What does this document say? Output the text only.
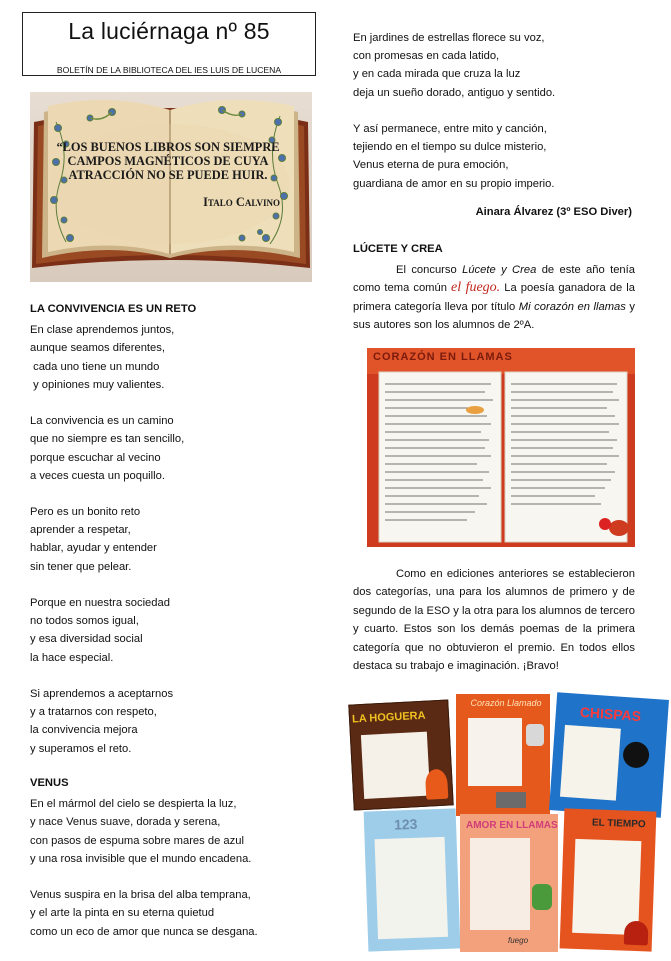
La luciérnaga nº 85
BOLETÍN DE LA BIBLIOTECA DEL IES LUIS DE LUCENA
“LOS BUENOS LIBROS SON SIEMPRE
CAMPOS MAGNÉTICOS DE CUYA
ATRACCIÓN NO SE PUEDE HUIR.
Italo Calvino
LA CONVIVENCIA ES UN RETO
En clase aprendemos juntos,
aunque seamos diferentes,
cada uno tiene un mundo
y opiniones muy valientes.
La convivencia es un camino
que no siempre es tan sencillo,
porque escuchar al vecino
a veces cuesta un poquillo.
Pero es un bonito reto
aprender a respetar,
hablar, ayudar y entender
sin tener que pelear.
Porque en nuestra sociedad
no todos somos igual,
y esa diversidad social
la hace especial.
Si aprendemos a aceptarnos
y a tratarnos con respeto,
la convivencia mejora
y superamos el reto.
VENUS
En el mármol del cielo se despierta la luz,
y nace Venus suave, dorada y serena,
con pasos de espuma sobre mares de azul
y una rosa invisible que el mundo encadena.
Venus suspira en la brisa del alba temprana,
y el arte la pinta en su eterna quietud
como un eco de amor que nunca se desgana.
En jardines de estrellas florece su voz,
con promesas en cada latido,
y en cada mirada que cruza la luz
deja un sueño dorado, antiguo y sentido.
Y así permanece, entre mito y canción,
tejiendo en el tiempo su dulce misterio,
Venus eterna de pura emoción,
guardiana de amor en su propio imperio.
Ainara Álvarez (3º ESO Diver)
LÚCETE Y CREA
El concurso Lúcete y Crea de este año tenía como tema común el fuego. La poesía ganadora de la primera categoría lleva por título Mi corazón en llamas y sus autores son los alumnos de 2ºA.
CORAZÓN EN LLAMAS
Como en ediciones anteriores se establecieron dos categorías, una para los alumnos de primero y de segundo de la ESO y la otra para los alumnos de tercero y cuarto. Estos son los demás poemas de la primera categoría que no obtuvieron el premio. En todos ellos destaca su trabajo e imaginación. ¡Bravo!
LA HOGUERA
Corazón Llamado
CHISPAS
123	AMOR EN LLAMAS
fuego
EL TIEMPO
